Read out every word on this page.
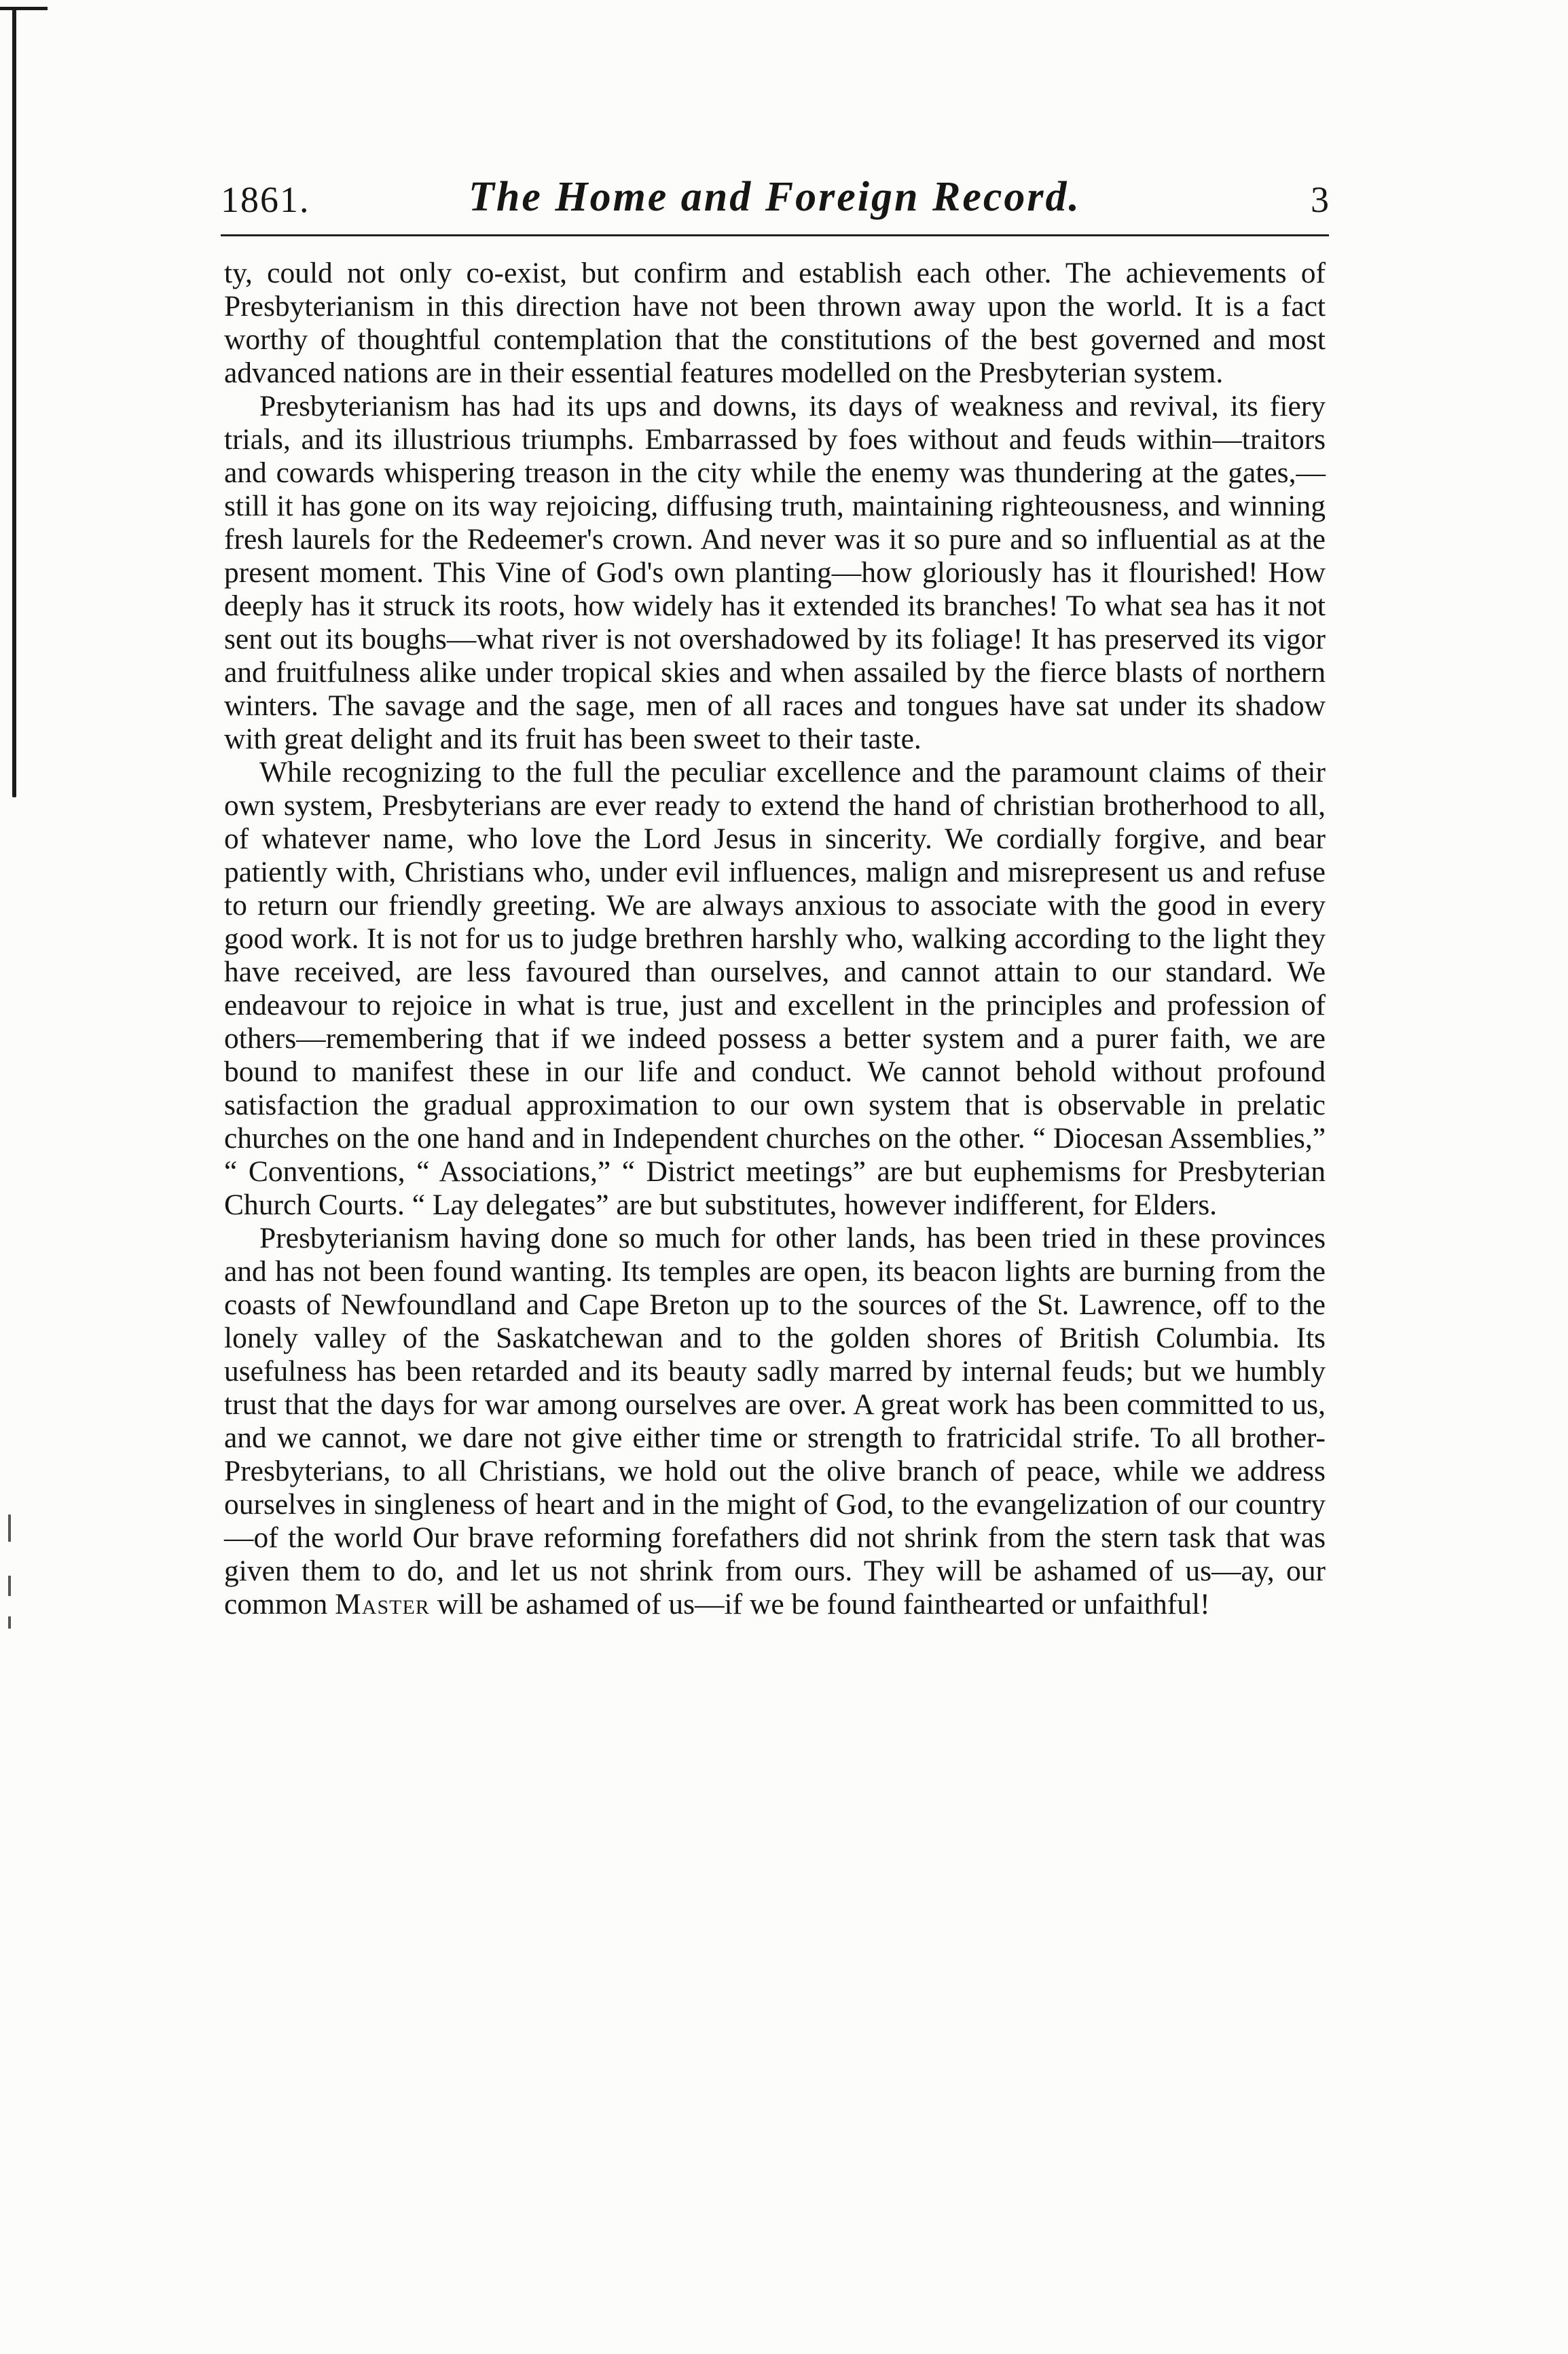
1861.	The Home and Foreign Record.	3

ty, could not only co-exist, but confirm and establish each other. The achievements of Presbyterianism in this direction have not been thrown away upon the world. It is a fact worthy of thoughtful contemplation that the constitutions of the best governed and most advanced nations are in their essential features modelled on the Presbyterian system.

Presbyterianism has had its ups and downs, its days of weakness and revival, its fiery trials, and its illustrious triumphs. Embarrassed by foes without and feuds within—traitors and cowards whispering treason in the city while the enemy was thundering at the gates,—still it has gone on its way rejoicing, diffusing truth, maintaining righteousness, and winning fresh laurels for the Redeemer's crown. And never was it so pure and so influential as at the present moment. This Vine of God's own planting—how gloriously has it flourished! How deeply has it struck its roots, how widely has it extended its branches! To what sea has it not sent out its boughs—what river is not overshadowed by its foliage! It has preserved its vigor and fruitfulness alike under tropical skies and when assailed by the fierce blasts of northern winters. The savage and the sage, men of all races and tongues have sat under its shadow with great delight and its fruit has been sweet to their taste.

While recognizing to the full the peculiar excellence and the paramount claims of their own system, Presbyterians are ever ready to extend the hand of christian brotherhood to all, of whatever name, who love the Lord Jesus in sincerity. We cordially forgive, and bear patiently with, Christians who, under evil influences, malign and misrepresent us and refuse to return our friendly greeting. We are always anxious to associate with the good in every good work. It is not for us to judge brethren harshly who, walking according to the light they have received, are less favoured than ourselves, and cannot attain to our standard. We endeavour to rejoice in what is true, just and excellent in the principles and profession of others—remembering that if we indeed possess a better system and a purer faith, we are bound to manifest these in our life and conduct. We cannot behold without profound satisfaction the gradual approximation to our own system that is observable in prelatic churches on the one hand and in Independent churches on the other. “ Diocesan Assemblies,” “ Conventions, “ Associations,” “ District meetings” are but euphemisms for Presbyterian Church Courts. “ Lay delegates” are but substitutes, however indifferent, for Elders.

Presbyterianism having done so much for other lands, has been tried in these provinces and has not been found wanting. Its temples are open, its beacon lights are burning from the coasts of Newfoundland and Cape Breton up to the sources of the St. Lawrence, off to the lonely valley of the Saskatchewan and to the golden shores of British Columbia. Its usefulness has been retarded and its beauty sadly marred by internal feuds; but we humbly trust that the days for war among ourselves are over. A great work has been committed to us, and we cannot, we dare not give either time or strength to fratricidal strife. To all brother-Presbyterians, to all Christians, we hold out the olive branch of peace, while we address ourselves in singleness of heart and in the might of God, to the evangelization of our country—of the world Our brave reforming forefathers did not shrink from the stern task that was given them to do, and let us not shrink from ours. They will be ashamed of us—ay, our common Master will be ashamed of us—if we be found fainthearted or unfaithful!
